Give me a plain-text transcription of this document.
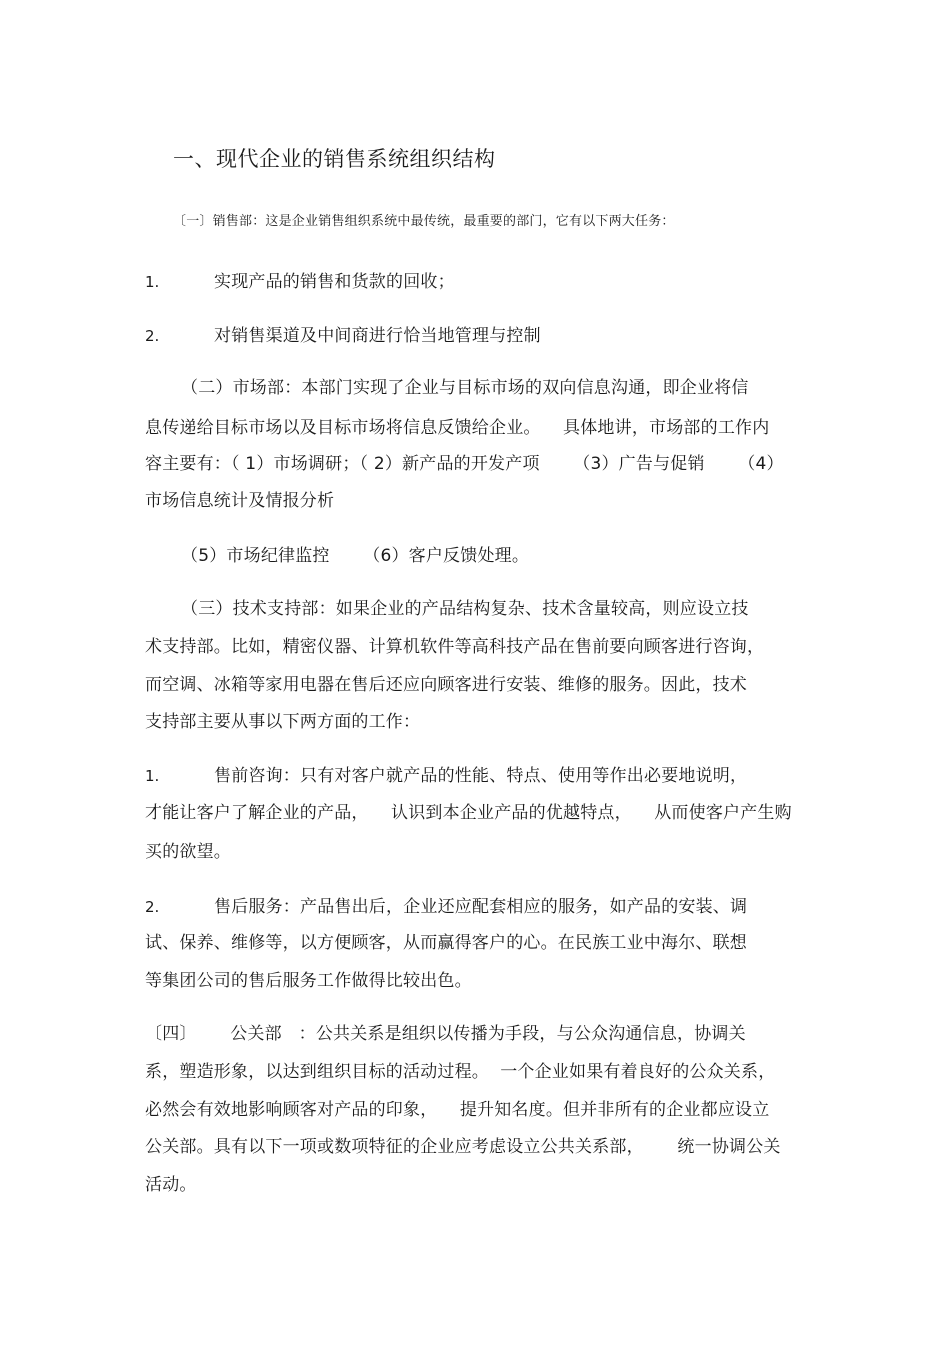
一、现代企业的销售系统组织结构
〔一〕销售部：这是企业销售组织系统中最传统，最重要的部门，它有以下两大任务：
1.	实现产品的销售和货款的回收；
2.	对销售渠道及中间商进行恰当地管理与控制
（二）市场部：本部门实现了企业与目标市场的双向信息沟通，即企业将信
息传递给目标市场以及目标市场将信息反馈给企业。    具体地讲，市场部的工作内
容主要有：（ 1）市场调研；（ 2）新产品的开发产项      （3）广告与促销      （4）
市场信息统计及情报分析
（5）市场纪律监控      （6）客户反馈处理。
（三）技术支持部：如果企业的产品结构复杂、技术含量较高，则应设立技
术支持部。比如，精密仪器、计算机软件等高科技产品在售前要向顾客进行咨询，
而空调、冰箱等家用电器在售后还应向顾客进行安装、维修的服务。因此，技术
支持部主要从事以下两方面的工作：
1.	售前咨询：只有对客户就产品的性能、特点、使用等作出必要地说明，
才能让客户了解企业的产品，    认识到本企业产品的优越特点，    从而使客户产生购
买的欲望。
2.	售后服务：产品售出后，企业还应配套相应的服务，如产品的安装、调
试、保养、维修等，以方便顾客，从而赢得客户的心。在民族工业中海尔、联想
等集团公司的售后服务工作做得比较出色。
〔四〕      公关部   ：公共关系是组织以传播为手段，与公众沟通信息，协调关
系，塑造形象，以达到组织目标的活动过程。  一个企业如果有着良好的公众关系，
必然会有效地影响顾客对产品的印象，    提升知名度。但并非所有的企业都应设立
公关部。具有以下一项或数项特征的企业应考虑设立公共关系部，      统一协调公关
活动。
